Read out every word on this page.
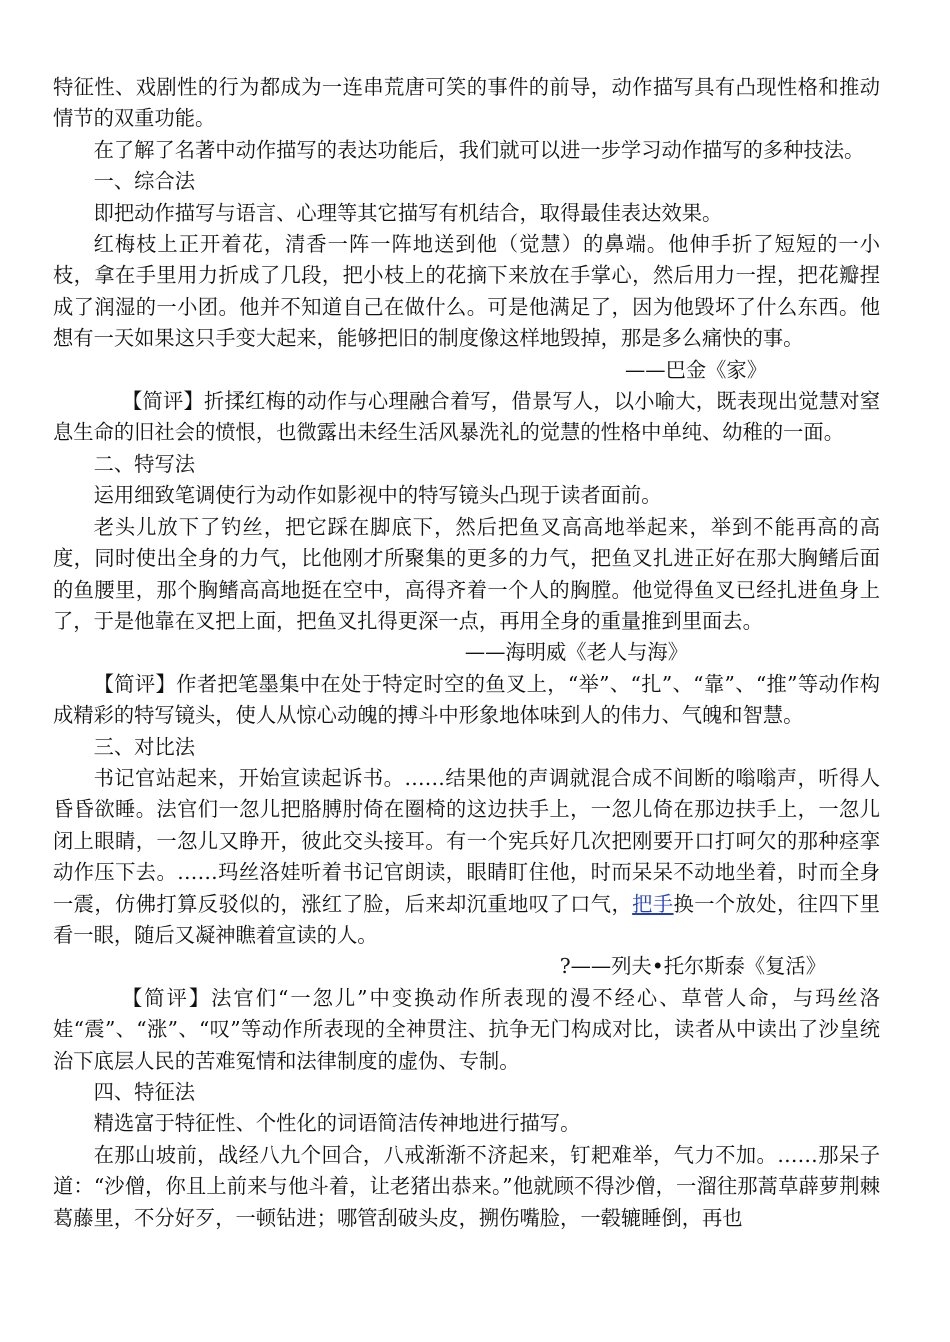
特征性、戏剧性的行为都成为一连串荒唐可笑的事件的前导，动作描写具有凸现性格和推动情节的双重功能。

在了解了名著中动作描写的表达功能后，我们就可以进一步学习动作描写的多种技法。

一、综合法

即把动作描写与语言、心理等其它描写有机结合，取得最佳表达效果。

红梅枝上正开着花，清香一阵一阵地送到他（觉慧）的鼻端。他伸手折了短短的一小枝，拿在手里用力折成了几段，把小枝上的花摘下来放在手掌心，然后用力一捏，把花瓣捏成了润湿的一小团。他并不知道自己在做什么。可是他满足了，因为他毁坏了什么东西。他想有一天如果这只手变大起来，能够把旧的制度像这样地毁掉，那是多么痛快的事。

——巴金《家》

【简评】折揉红梅的动作与心理融合着写，借景写人，以小喻大，既表现出觉慧对窒息生命的旧社会的愤恨，也微露出未经生活风暴洗礼的觉慧的性格中单纯、幼稚的一面。

二、特写法

运用细致笔调使行为动作如影视中的特写镜头凸现于读者面前。

老头儿放下了钓丝，把它踩在脚底下，然后把鱼叉高高地举起来，举到不能再高的高度，同时使出全身的力气，比他刚才所聚集的更多的力气，把鱼叉扎进正好在那大胸鳍后面的鱼腰里，那个胸鳍高高地挺在空中，高得齐着一个人的胸膛。他觉得鱼叉已经扎进鱼身上了，于是他靠在叉把上面，把鱼叉扎得更深一点，再用全身的重量推到里面去。

——海明威《老人与海》

【简评】作者把笔墨集中在处于特定时空的鱼叉上，“举”、“扎”、“靠”、“推”等动作构成精彩的特写镜头，使人从惊心动魄的搏斗中形象地体味到人的伟力、气魄和智慧。

三、对比法

书记官站起来，开始宣读起诉书。……结果他的声调就混合成不间断的嗡嗡声，听得人昏昏欲睡。法官们一忽儿把胳膊肘倚在圈椅的这边扶手上，一忽儿倚在那边扶手上，一忽儿闭上眼睛，一忽儿又睁开，彼此交头接耳。有一个宪兵好几次把刚要开口打呵欠的那种痉挛动作压下去。……玛丝洛娃听着书记官朗读，眼睛盯住他，时而呆呆不动地坐着，时而全身一震，仿佛打算反驳似的，涨红了脸，后来却沉重地叹了口气，把手换一个放处，往四下里看一眼，随后又凝神瞧着宣读的人。

?——列夫•托尔斯泰《复活》

【简评】法官们“一忽儿”中变换动作所表现的漫不经心、草菅人命，与玛丝洛娃“震”、“涨”、“叹”等动作所表现的全神贯注、抗争无门构成对比，读者从中读出了沙皇统治下底层人民的苦难冤情和法律制度的虚伪、专制。

四、特征法

精选富于特征性、个性化的词语简洁传神地进行描写。

在那山坡前，战经八九个回合，八戒渐渐不济起来，钉耙难举，气力不加。……那呆子道：“沙僧，你且上前来与他斗着，让老猪出恭来。”他就顾不得沙僧，一溜往那蒿草薜萝荆棘葛藤里，不分好歹，一顿钻进；哪管刮破头皮，搠伤嘴脸，一毂辘睡倒，再也
